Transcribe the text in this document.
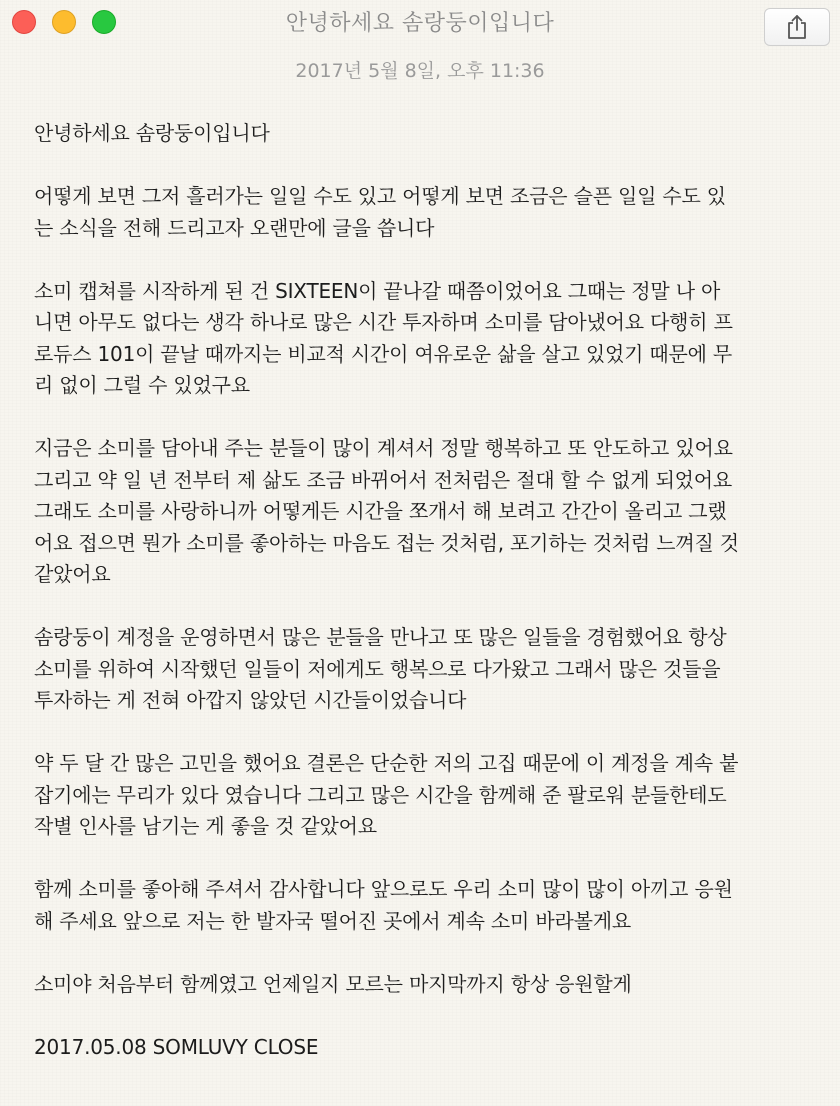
안녕하세요 솜랑둥이입니다
2017년 5월 8일, 오후 11:36

안녕하세요 솜랑둥이입니다

어떻게 보면 그저 흘러가는 일일 수도 있고 어떻게 보면 조금은 슬픈 일일 수도 있
는 소식을 전해 드리고자 오랜만에 글을 씁니다

소미 캡쳐를 시작하게 된 건 SIXTEEN이 끝나갈 때쯤이었어요 그때는 정말 나 아
니면 아무도 없다는 생각 하나로 많은 시간 투자하며 소미를 담아냈어요 다행히 프
로듀스 101이 끝날 때까지는 비교적 시간이 여유로운 삶을 살고 있었기 때문에 무
리 없이 그럴 수 있었구요

지금은 소미를 담아내 주는 분들이 많이 계셔서 정말 행복하고 또 안도하고 있어요
그리고 약 일 년 전부터 제 삶도 조금 바뀌어서 전처럼은 절대 할 수 없게 되었어요
그래도 소미를 사랑하니까 어떻게든 시간을 쪼개서 해 보려고 간간이 올리고 그랬
어요 접으면 뭔가 소미를 좋아하는 마음도 접는 것처럼, 포기하는 것처럼 느껴질 것
같았어요

솜랑둥이 계정을 운영하면서 많은 분들을 만나고 또 많은 일들을 경험했어요 항상
소미를 위하여 시작했던 일들이 저에게도 행복으로 다가왔고 그래서 많은 것들을
투자하는 게 전혀 아깝지 않았던 시간들이었습니다

약 두 달 간 많은 고민을 했어요 결론은 단순한 저의 고집 때문에 이 계정을 계속 붙
잡기에는 무리가 있다 였습니다 그리고 많은 시간을 함께해 준 팔로워 분들한테도
작별 인사를 남기는 게 좋을 것 같았어요

함께 소미를 좋아해 주셔서 감사합니다 앞으로도 우리 소미 많이 많이 아끼고 응원
해 주세요 앞으로 저는 한 발자국 떨어진 곳에서 계속 소미 바라볼게요

소미야 처음부터 함께였고 언제일지 모르는 마지막까지 항상 응원할게

2017.05.08 SOMLUVY CLOSE
